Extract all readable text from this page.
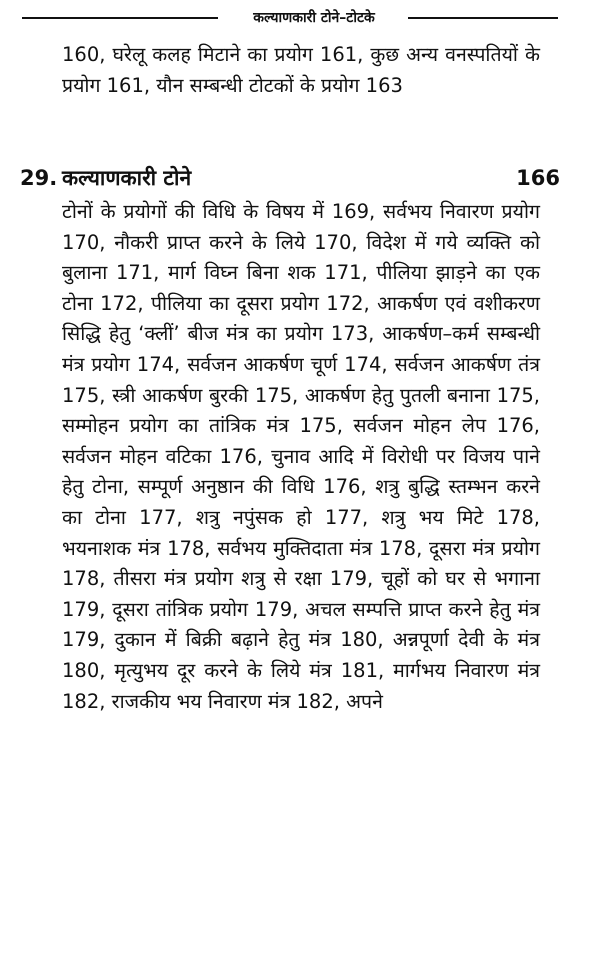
कल्याणकारी टोने–टोटके

160, घरेलू कलह मिटाने का प्रयोग 161, कुछ अन्य वनस्पतियों के प्रयोग 161, यौन सम्बन्धी टोटकों के प्रयोग 163

29. कल्याणकारी टोने	166

टोनों के प्रयोगों की विधि के विषय में 169, सर्वभय निवारण प्रयोग 170, नौकरी प्राप्त करने के लिये 170, विदेश में गये व्यक्ति को बुलाना 171, मार्ग विघ्न बिना शक 171, पीलिया झाड़ने का एक टोना 172, पीलिया का दूसरा प्रयोग 172, आकर्षण एवं वशीकरण सिद्धि हेतु ‘क्लीं’ बीज मंत्र का प्रयोग 173, आकर्षण–कर्म सम्बन्धी मंत्र प्रयोग 174, सर्वजन आकर्षण चूर्ण 174, सर्वजन आकर्षण तंत्र 175, स्त्री आकर्षण बुरकी 175, आकर्षण हेतु पुतली बनाना 175, सम्मोहन प्रयोग का तांत्रिक मंत्र 175, सर्वजन मोहन लेप 176, सर्वजन मोहन वटिका 176, चुनाव आदि में विरोधी पर विजय पाने हेतु टोना, सम्पूर्ण अनुष्ठान की विधि 176, शत्रु बुद्धि स्तम्भन करने का टोना 177, शत्रु नपुंसक हो 177, शत्रु भय मिटे 178, भयनाशक मंत्र 178, सर्वभय मुक्तिदाता मंत्र 178, दूसरा मंत्र प्रयोग 178, तीसरा मंत्र प्रयोग शत्रु से रक्षा 179, चूहों को घर से भगाना 179, दूसरा तांत्रिक प्रयोग 179, अचल सम्पत्ति प्राप्त करने हेतु मंत्र 179, दुकान में बिक्री बढ़ाने हेतु मंत्र 180, अन्नपूर्णा देवी के मंत्र 180, मृत्युभय दूर करने के लिये मंत्र 181, मार्गभय निवारण मंत्र 182, राजकीय भय निवारण मंत्र 182, अपने
